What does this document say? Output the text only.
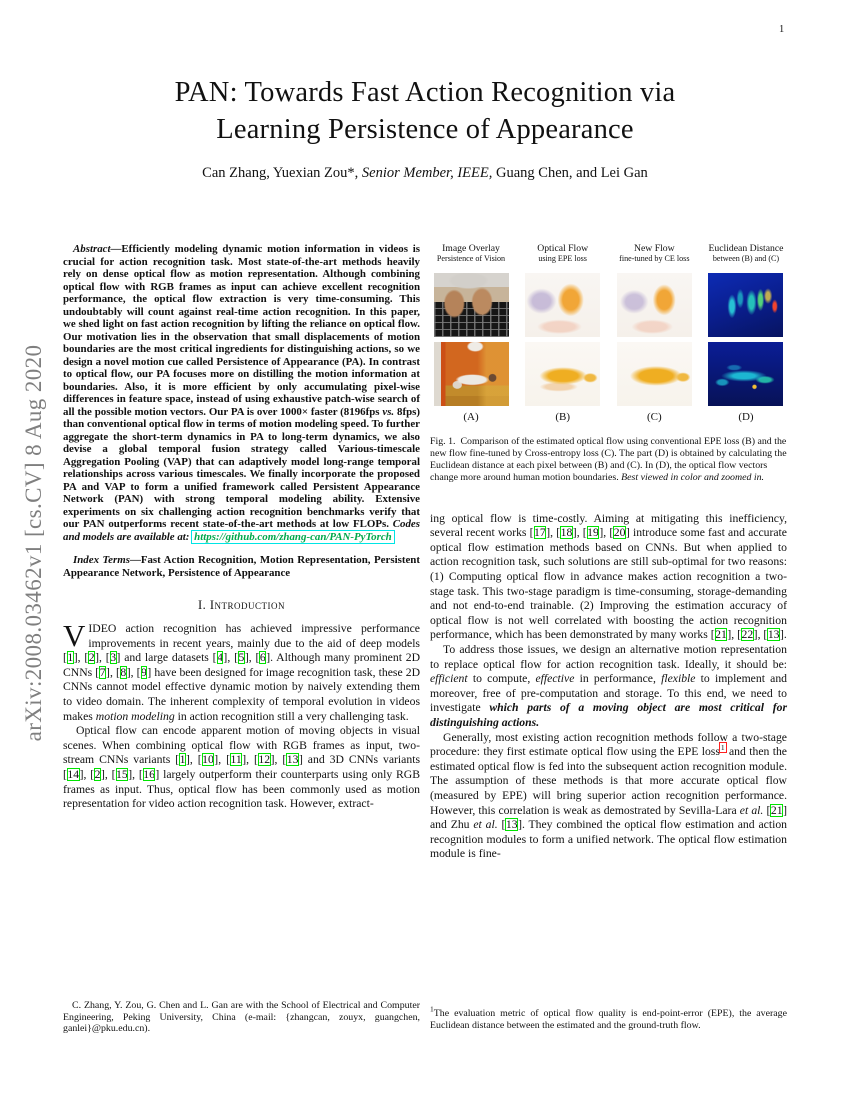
1
arXiv:2008.03462v1 [cs.CV] 8 Aug 2020
PAN: Towards Fast Action Recognition via
Learning Persistence of Appearance
Can Zhang, Yuexian Zou*, Senior Member, IEEE, Guang Chen, and Lei Gan

Abstract—Efficiently modeling dynamic motion information in videos is crucial for action recognition task. Most state-of-the-art methods heavily rely on dense optical flow as motion representation. Although combining optical flow with RGB frames as input can achieve excellent recognition performance, the optical flow extraction is very time-consuming. This undoubtably will count against real-time action recognition. In this paper, we shed light on fast action recognition by lifting the reliance on optical flow. Our motivation lies in the observation that small displacements of motion boundaries are the most critical ingredients for distinguishing actions, so we design a novel motion cue called Persistence of Appearance (PA). In contrast to optical flow, our PA focuses more on distilling the motion information at boundaries. Also, it is more efficient by only accumulating pixel-wise differences in feature space, instead of using exhaustive patch-wise search of all the possible motion vectors. Our PA is over 1000× faster (8196fps vs. 8fps) than conventional optical flow in terms of motion modeling speed. To further aggregate the short-term dynamics in PA to long-term dynamics, we also devise a global temporal fusion strategy called Various-timescale Aggregation Pooling (VAP) that can adaptively model long-range temporal relationships across various timescales. We finally incorporate the proposed PA and VAP to form a unified framework called Persistent Appearance Network (PAN) with strong temporal modeling ability. Extensive experiments on six challenging action recognition benchmarks verify that our PAN outperforms recent state-of-the-art methods at low FLOPs. Codes and models are available at: https://github.com/zhang-can/PAN-PyTorch

Index Terms—Fast Action Recognition, Motion Representation, Persistent Appearance Network, Persistence of Appearance

I. Introduction

VIDEO action recognition has achieved impressive performance improvements in recent years, mainly due to the aid of deep models [1], [2], [3] and large datasets [4], [5], [6]. Although many prominent 2D CNNs [7], [8], [9] have been designed for image recognition task, these 2D CNNs cannot model effective dynamic motion by naively extending them to video domain. The inherent complexity of temporal evolution in videos makes motion modeling in action recognition still a very challenging task.

Optical flow can encode apparent motion of moving objects in visual scenes. When combining optical flow with RGB frames as input, two-stream CNNs variants [1], [10], [11], [12], [13] and 3D CNNs variants [14], [2], [15], [16] largely outperform their counterparts using only RGB frames as input. Thus, optical flow has been commonly used as motion representation for video action recognition task. However, extract-

Image Overlay
Persistence of Vision
(A)
Optical Flow
using EPE loss
(B)
New Flow
fine-tuned by CE loss
(C)
Euclidean Distance
between (B) and (C)
(D)
Fig. 1.  Comparison of the estimated optical flow using conventional EPE loss (B) and the new flow fine-tuned by Cross-entropy loss (C). The part (D) is obtained by calculating the Euclidean distance at each pixel between (B) and (C). In (D), the optical flow vectors change more around human motion boundaries. Best viewed in color and zoomed in.

ing optical flow is time-costly. Aiming at mitigating this inefficiency, several recent works [17], [18], [19], [20] introduce some fast and accurate optical flow estimation methods based on CNNs. But when applied to action recognition task, such solutions are still sub-optimal for two reasons: (1) Computing optical flow in advance makes action recognition a two-stage task. This two-stage paradigm is time-consuming, storage-demanding and not end-to-end trainable. (2) Improving the estimation accuracy of optical flow is not well correlated with boosting the action recognition performance, which has been demonstrated by many works [21], [22], [13].

To address those issues, we design an alternative motion representation to replace optical flow for action recognition task. Ideally, it should be: efficient to compute, effective in performance, flexible to implement and moreover, free of pre-computation and storage. To this end, we need to investigate which parts of a moving object are most critical for distinguishing actions.

Generally, most existing action recognition methods follow a two-stage procedure: they first estimate optical flow using the EPE loss$^1$ and then the estimated optical flow is fed into the subsequent action recognition module. The assumption of these methods is that more accurate optical flow (measured by EPE) will bring superior action recognition performance. However, this correlation is weak as demostrated by Sevilla-Lara et al. [21] and Zhu et al. [13]. They combined the optical flow estimation and action recognition modules to form a unified network. The optical flow estimation module is fine-

C. Zhang, Y. Zou, G. Chen and L. Gan are with the School of Electrical and Computer Engineering, Peking University, China (e-mail: {zhangcan, zouyx, guangchen, ganlei}@pku.edu.cn).
$^1$The evaluation metric of optical flow quality is end-point-error (EPE), the average Euclidean distance between the estimated and the ground-truth flow.
